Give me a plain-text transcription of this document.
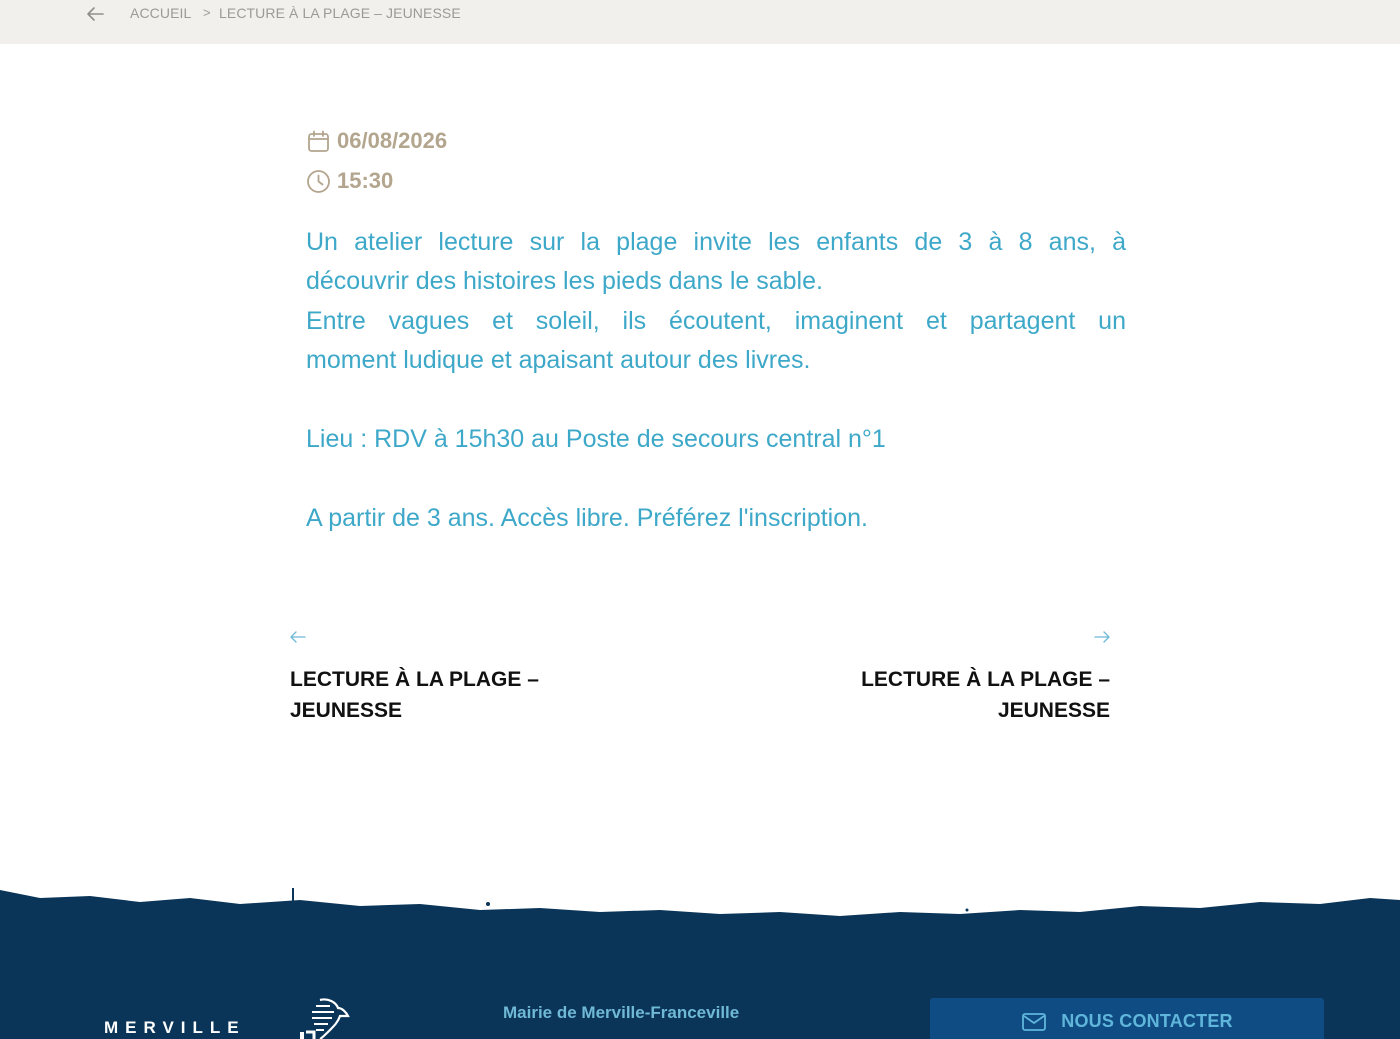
ACCUEIL > LECTURE À LA PLAGE – JEUNESSE
06/08/2026
15:30

Un atelier lecture sur la plage invite les enfants de 3 à 8 ans, à

découvrir des histoires les pieds dans le sable.

Entre vagues et soleil, ils écoutent, imaginent et partagent un

moment ludique et apaisant autour des livres.

Lieu : RDV à 15h30 au Poste de secours central n°1

A partir de 3 ans. Accès libre. Préférez l'inscription.

LECTURE À LA PLAGE – JEUNESSE
LECTURE À LA PLAGE – JEUNESSE
MERVILLE
Mairie de Merville-Franceville	NOUS CONTACTER
